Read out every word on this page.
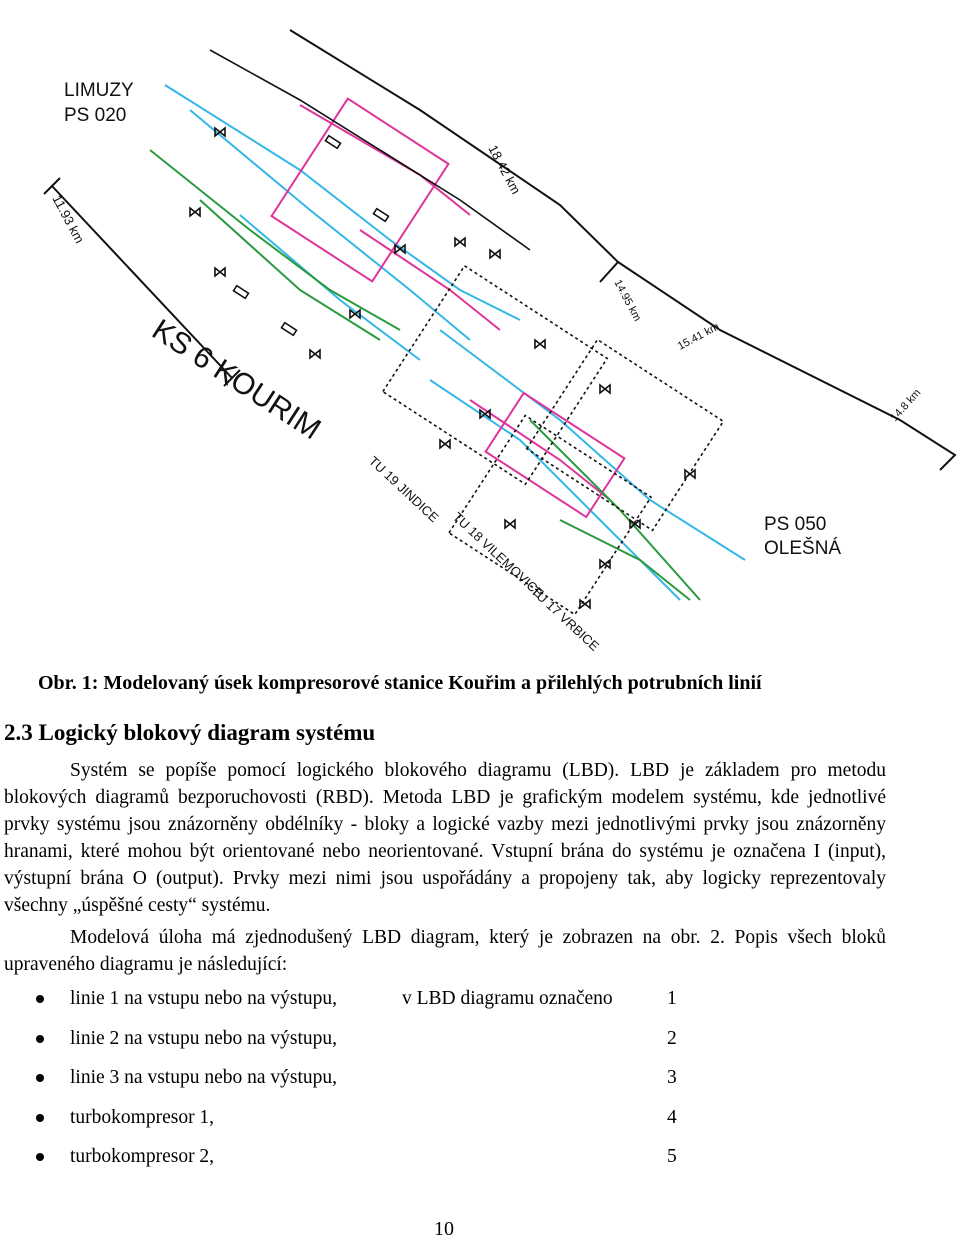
LIMUZY
PS 020
PS 050
OLEŠNÁ
KS 6 KOURIM
11.93 km
18.42 km
14.95 km
15.41 km
14.8 km
TU 19 JINDICE
TU 18 VILEMOVICE
TU 17 VRBICE
Obr. 1: Modelovaný úsek kompresorové stanice Kouřim a přilehlých potrubních linií
2.3 Logický blokový diagram systému

Systém se popíše pomocí logického blokového diagramu (LBD). LBD je základem pro metodu blokových diagramů bezporuchovosti (RBD). Metoda LBD je grafickým modelem systému, kde jednotlivé prvky systému jsou znázorněny obdélníky - bloky a logické vazby mezi jednotlivými prvky jsou znázorněny hranami, které mohou být orientované nebo neorientované. Vstupní brána do systému je označena I (input), výstupní brána O (output). Prvky mezi nimi jsou uspořádány a propojeny tak, aby logicky reprezentovaly všechny „úspěšné cesty“ systému.

Modelová úloha má zjednodušený LBD diagram, který je zobrazen na obr. 2. Popis všech bloků upraveného diagramu je následující:

linie 1 na vstupu nebo na výstupu,	v LBD diagramu označeno	1
linie 2 na vstupu nebo na výstupu,	2
linie 3 na vstupu nebo na výstupu,	3
turbokompresor 1,	4
turbokompresor 2,	5
10
